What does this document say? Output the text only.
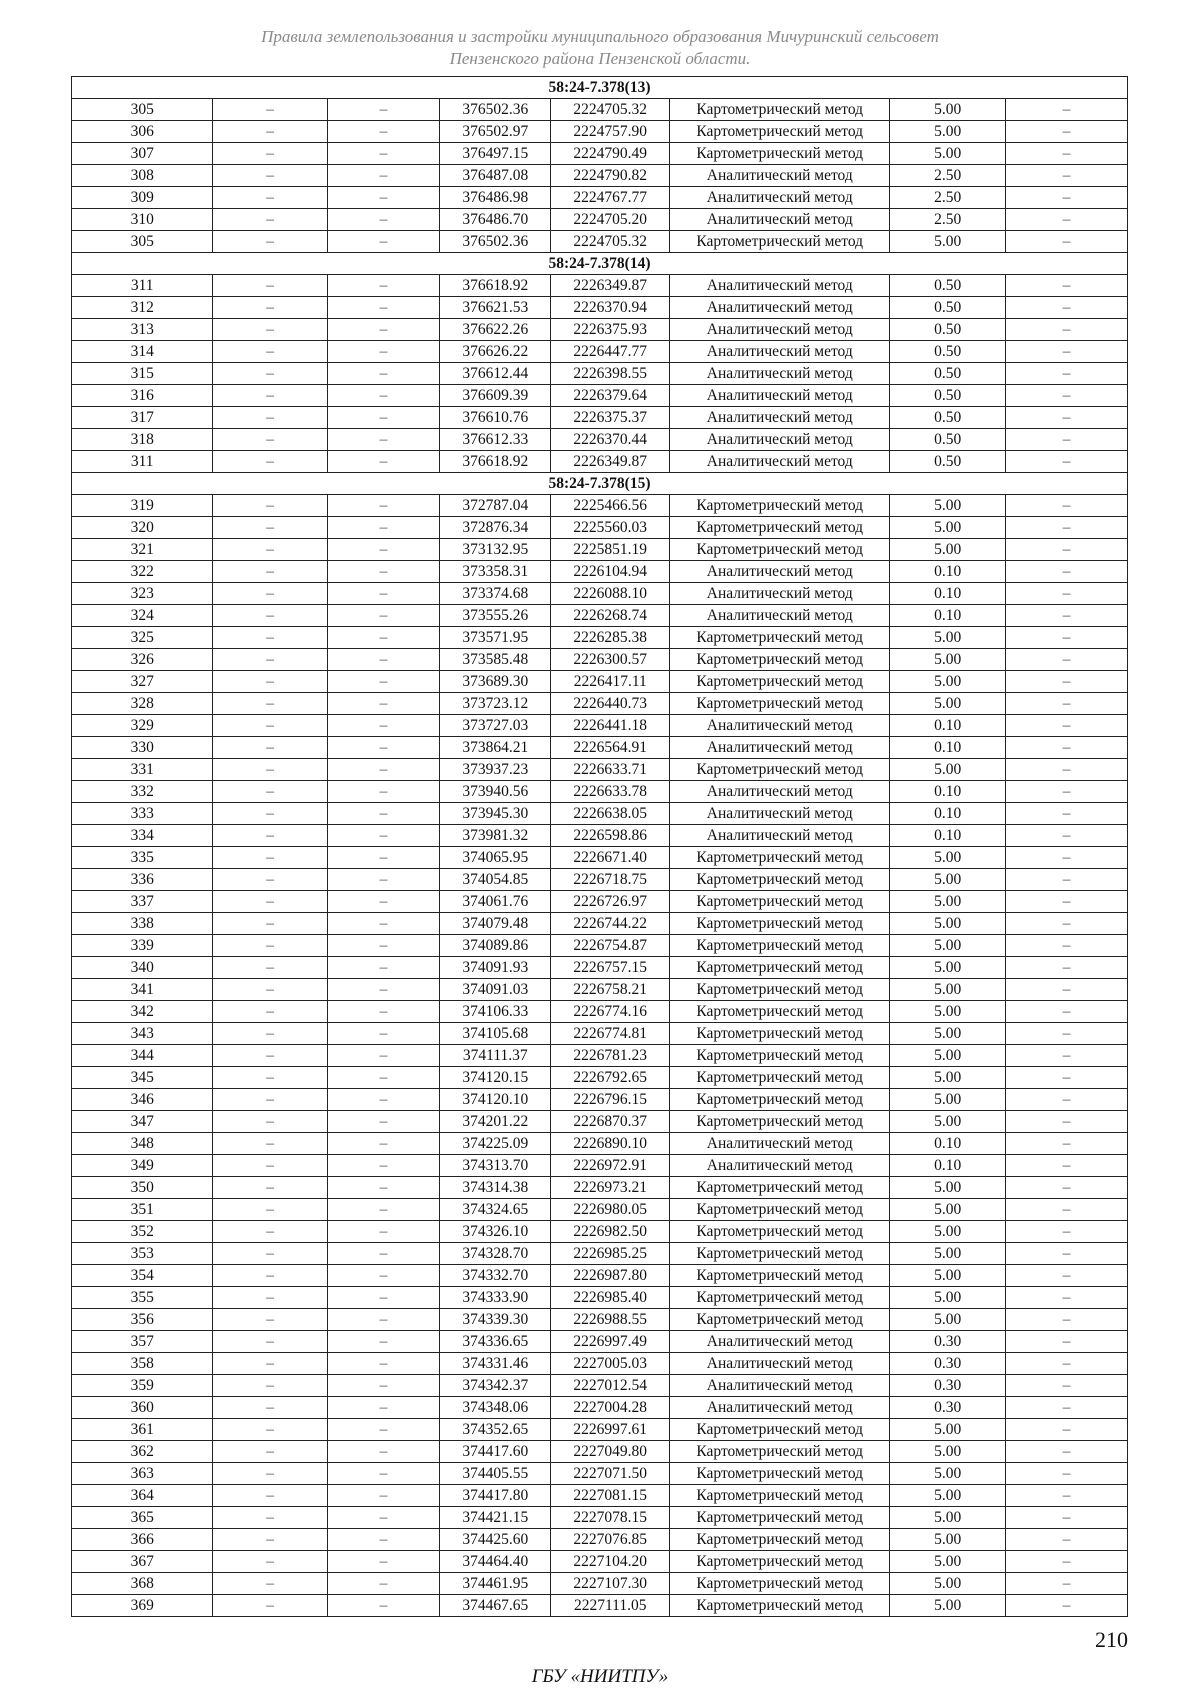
Правила землепользования и застройки муниципального образования Мичуринский сельсовет
Пензенского района Пензенской области.
58:24-7.378(13)							
305	–	–	376502.36	2224705.32	Картометрический метод	5.00	–
306	–	–	376502.97	2224757.90	Картометрический метод	5.00	–
307	–	–	376497.15	2224790.49	Картометрический метод	5.00	–
308	–	–	376487.08	2224790.82	Аналитический метод	2.50	–
309	–	–	376486.98	2224767.77	Аналитический метод	2.50	–
310	–	–	376486.70	2224705.20	Аналитический метод	2.50	–
305	–	–	376502.36	2224705.32	Картометрический метод	5.00	–
58:24-7.378(14)							
311	–	–	376618.92	2226349.87	Аналитический метод	0.50	–
312	–	–	376621.53	2226370.94	Аналитический метод	0.50	–
313	–	–	376622.26	2226375.93	Аналитический метод	0.50	–
314	–	–	376626.22	2226447.77	Аналитический метод	0.50	–
315	–	–	376612.44	2226398.55	Аналитический метод	0.50	–
316	–	–	376609.39	2226379.64	Аналитический метод	0.50	–
317	–	–	376610.76	2226375.37	Аналитический метод	0.50	–
318	–	–	376612.33	2226370.44	Аналитический метод	0.50	–
311	–	–	376618.92	2226349.87	Аналитический метод	0.50	–
58:24-7.378(15)							
319	–	–	372787.04	2225466.56	Картометрический метод	5.00	–
320	–	–	372876.34	2225560.03	Картометрический метод	5.00	–
321	–	–	373132.95	2225851.19	Картометрический метод	5.00	–
322	–	–	373358.31	2226104.94	Аналитический метод	0.10	–
323	–	–	373374.68	2226088.10	Аналитический метод	0.10	–
324	–	–	373555.26	2226268.74	Аналитический метод	0.10	–
325	–	–	373571.95	2226285.38	Картометрический метод	5.00	–
326	–	–	373585.48	2226300.57	Картометрический метод	5.00	–
327	–	–	373689.30	2226417.11	Картометрический метод	5.00	–
328	–	–	373723.12	2226440.73	Картометрический метод	5.00	–
329	–	–	373727.03	2226441.18	Аналитический метод	0.10	–
330	–	–	373864.21	2226564.91	Аналитический метод	0.10	–
331	–	–	373937.23	2226633.71	Картометрический метод	5.00	–
332	–	–	373940.56	2226633.78	Аналитический метод	0.10	–
333	–	–	373945.30	2226638.05	Аналитический метод	0.10	–
334	–	–	373981.32	2226598.86	Аналитический метод	0.10	–
335	–	–	374065.95	2226671.40	Картометрический метод	5.00	–
336	–	–	374054.85	2226718.75	Картометрический метод	5.00	–
337	–	–	374061.76	2226726.97	Картометрический метод	5.00	–
338	–	–	374079.48	2226744.22	Картометрический метод	5.00	–
339	–	–	374089.86	2226754.87	Картометрический метод	5.00	–
340	–	–	374091.93	2226757.15	Картометрический метод	5.00	–
341	–	–	374091.03	2226758.21	Картометрический метод	5.00	–
342	–	–	374106.33	2226774.16	Картометрический метод	5.00	–
343	–	–	374105.68	2226774.81	Картометрический метод	5.00	–
344	–	–	374111.37	2226781.23	Картометрический метод	5.00	–
345	–	–	374120.15	2226792.65	Картометрический метод	5.00	–
346	–	–	374120.10	2226796.15	Картометрический метод	5.00	–
347	–	–	374201.22	2226870.37	Картометрический метод	5.00	–
348	–	–	374225.09	2226890.10	Аналитический метод	0.10	–
349	–	–	374313.70	2226972.91	Аналитический метод	0.10	–
350	–	–	374314.38	2226973.21	Картометрический метод	5.00	–
351	–	–	374324.65	2226980.05	Картометрический метод	5.00	–
352	–	–	374326.10	2226982.50	Картометрический метод	5.00	–
353	–	–	374328.70	2226985.25	Картометрический метод	5.00	–
354	–	–	374332.70	2226987.80	Картометрический метод	5.00	–
355	–	–	374333.90	2226985.40	Картометрический метод	5.00	–
356	–	–	374339.30	2226988.55	Картометрический метод	5.00	–
357	–	–	374336.65	2226997.49	Аналитический метод	0.30	–
358	–	–	374331.46	2227005.03	Аналитический метод	0.30	–
359	–	–	374342.37	2227012.54	Аналитический метод	0.30	–
360	–	–	374348.06	2227004.28	Аналитический метод	0.30	–
361	–	–	374352.65	2226997.61	Картометрический метод	5.00	–
362	–	–	374417.60	2227049.80	Картометрический метод	5.00	–
363	–	–	374405.55	2227071.50	Картометрический метод	5.00	–
364	–	–	374417.80	2227081.15	Картометрический метод	5.00	–
365	–	–	374421.15	2227078.15	Картометрический метод	5.00	–
366	–	–	374425.60	2227076.85	Картометрический метод	5.00	–
367	–	–	374464.40	2227104.20	Картометрический метод	5.00	–
368	–	–	374461.95	2227107.30	Картометрический метод	5.00	–
369	–	–	374467.65	2227111.05	Картометрический метод	5.00	–
210
ГБУ «НИИТПУ»
